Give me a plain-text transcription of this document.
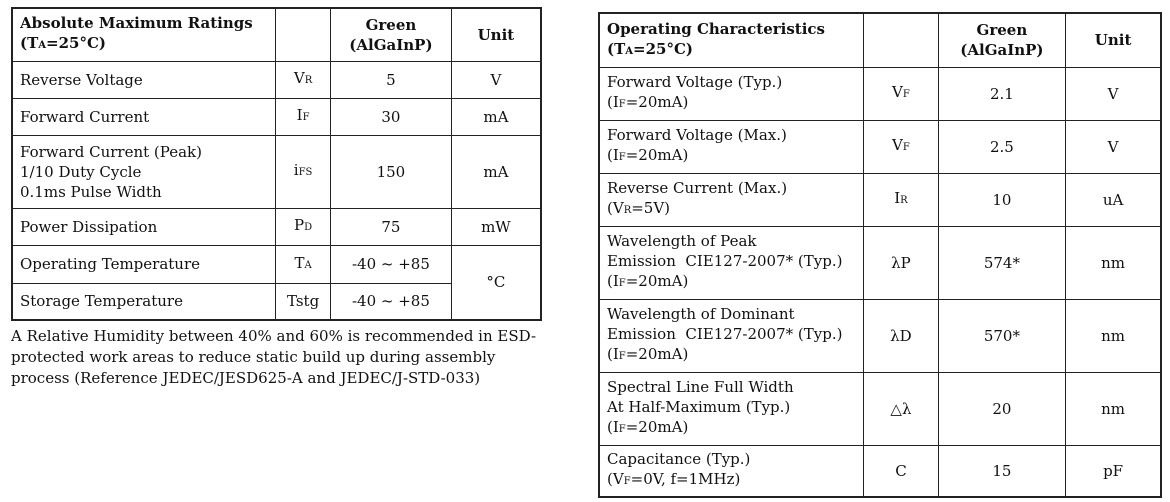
Absolute Maximum Ratings
(TA=25°C)		Green
(AlGaInP)	Unit
Reverse Voltage	VR	5	V
Forward Current	IF	30	mA

Forward Current (Peak)
1/10 Duty Cycle
0.1ms Pulse Width	iFS	150	mA
Power Dissipation	PD	75	mW
Operating Temperature	TA	-40 ~ +85	°C
Storage Temperature	Tstg	-40 ~ +85	
A Relative Humidity between 40% and 60% is recommended in ESD-protected work areas to reduce static build up during assembly process (Reference JEDEC/JESD625-A and JEDEC/J-STD-033)
Operating Characteristics
(TA=25°C)		Green
(AlGaInP)	Unit

Forward Voltage (Typ.)
(IF=20mA)	VF	2.1	V

Forward Voltage (Max.)
(IF=20mA)	VF	2.5	V

Reverse Current (Max.)
(VR=5V)	IR	10	uA

Wavelength of Peak
Emission  CIE127-2007* (Typ.)
(IF=20mA)	λP	574*	nm

Wavelength of Dominant
Emission  CIE127-2007* (Typ.)
(IF=20mA)	λD	570*	nm

Spectral Line Full Width
At Half-Maximum (Typ.)
(IF=20mA)	△λ	20	nm

Capacitance (Typ.)
(VF=0V, f=1MHz)	C	15	pF
